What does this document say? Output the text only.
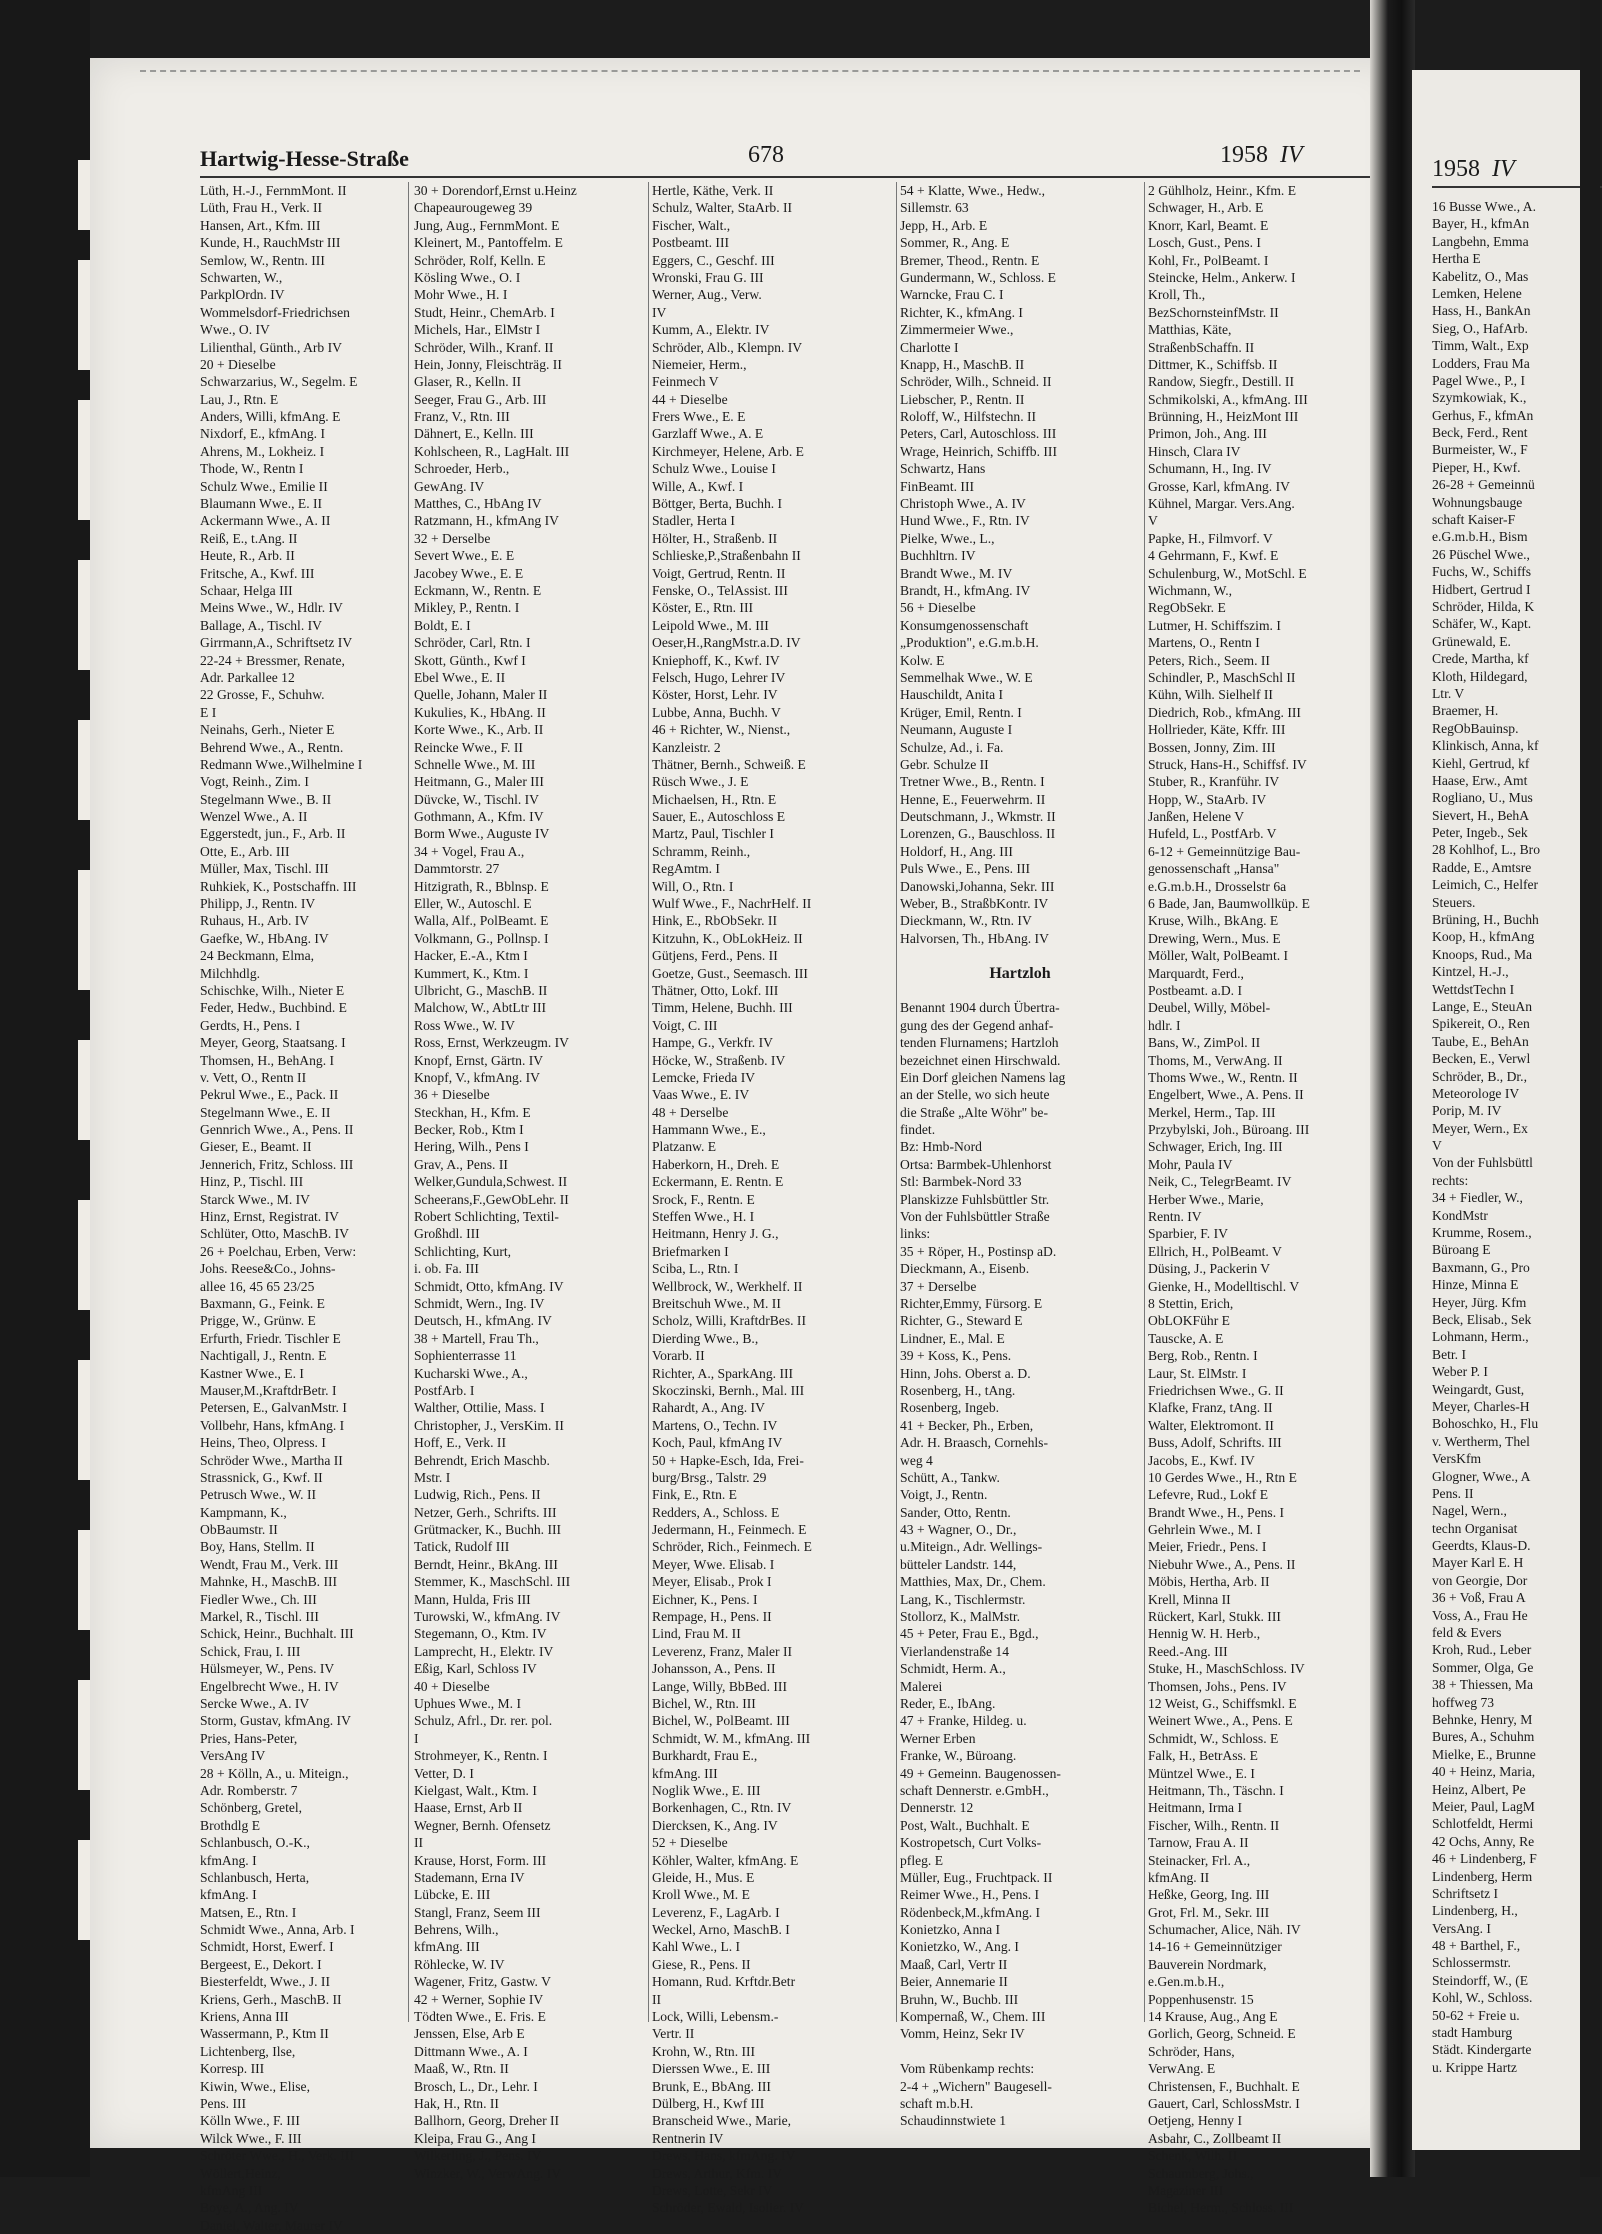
Hartwig-Hesse-Straße	678	1958 IV
Lüth, H.-J., FernmMont. II
Lüth, Frau H., Verk. II
Hansen, Art., Kfm. III
Kunde, H., RauchMstr III
Semlow, W., Rentn. III
Schwarten, W.,
ParkplOrdn. IV
Wommelsdorf-Friedrichsen
Wwe., O. IV
Lilienthal, Günth., Arb IV
20 + Dieselbe
Schwarzarius, W., Segelm. E
Lau, J., Rtn. E
Anders, Willi, kfmAng. E
Nixdorf, E., kfmAng. I
Ahrens, M., Lokheiz. I
Thode, W., Rentn I
Schulz Wwe., Emilie II
Blaumann Wwe., E. II
Ackermann Wwe., A. II
Reiß, E., t.Ang. II
Heute, R., Arb. II
Fritsche, A., Kwf. III
Schaar, Helga III
Meins Wwe., W., Hdlr. IV
Ballage, A., Tischl. IV
Girrmann,A., Schriftsetz IV
22-24 + Bressmer, Renate,
Adr. Parkallee 12
22 Grosse, F., Schuhw.
E I
Neinahs, Gerh., Nieter E
Behrend Wwe., A., Rentn.
Redmann Wwe.,Wilhelmine I
Vogt, Reinh., Zim. I
Stegelmann Wwe., B. II
Wenzel Wwe., A. II
Eggerstedt, jun., F., Arb. II
Otte, E., Arb. III
Müller, Max, Tischl. III
Ruhkiek, K., Postschaffn. III
Philipp, J., Rentn. IV
Ruhaus, H., Arb. IV
Gaefke, W., HbAng. IV
24 Beckmann, Elma,
Milchhdlg.
Schischke, Wilh., Nieter E
Feder, Hedw., Buchbind. E
Gerdts, H., Pens. I
Meyer, Georg, Staatsang. I
Thomsen, H., BehAng. I
v. Vett, O., Rentn II
Pekrul Wwe., E., Pack. II
Stegelmann Wwe., E. II
Gennrich Wwe., A., Pens. II
Gieser, E., Beamt. II
Jennerich, Fritz, Schloss. III
Hinz, P., Tischl. III
Starck Wwe., M. IV
Hinz, Ernst, Registrat. IV
Schlüter, Otto, MaschB. IV
26 + Poelchau, Erben, Verw:
Johs. Reese&Co., Johns-
allee 16, 45 65 23/25
Baxmann, G., Feink. E
Prigge, W., Grünw. E
Erfurth, Friedr. Tischler E
Nachtigall, J., Rentn. E
Kastner Wwe., E. I
Mauser,M.,KraftdrBetr. I
Petersen, E., GalvanMstr. I
Vollbehr, Hans, kfmAng. I
Heins, Theo, Olpress. I
Schröder Wwe., Martha II
Strassnick, G., Kwf. II
Petrusch Wwe., W. II
Kampmann, K.,
ObBaumstr. II
Boy, Hans, Stellm. II
Wendt, Frau M., Verk. III
Mahnke, H., MaschB. III
Fiedler Wwe., Ch. III
Markel, R., Tischl. III
Schick, Heinr., Buchhalt. III
Schick, Frau, I. III
Hülsmeyer, W., Pens. IV
Engelbrecht Wwe., H. IV
Sercke Wwe., A. IV
Storm, Gustav, kfmAng. IV
Pries, Hans-Peter,
VersAng IV
28 + Kölln, A., u. Miteign.,
Adr. Romberstr. 7
Schönberg, Gretel,
Brothdlg E
Schlanbusch, O.-K.,
kfmAng. I
Schlanbusch, Herta,
kfmAng. I
Matsen, E., Rtn. I
Schmidt Wwe., Anna, Arb. I
Schmidt, Horst, Ewerf. I
Bergeest, E., Dekort. I
Biesterfeldt, Wwe., J. II
Kriens, Gerh., MaschB. II
Kriens, Anna III
Wassermann, P., Ktm II
Lichtenberg, Ilse,
Korresp. III
Kiwin, Wwe., Elise,
Pens. III
Kölln Wwe., F. III
Wilck Wwe., F. III
Schröter Wwe., H., Verk. III
Wöllert,Heinz,
kfmAng III
Boye, A., Ang. IV
Daniel, Walter, Maurer IV
30 + Dorendorf,Ernst u.Heinz
Chapeaurougeweg 39
Jung, Aug., FernmMont. E
Kleinert, M., Pantoffelm. E
Schröder, Rolf, Kelln. E
Kösling Wwe., O. I
Mohr Wwe., H. I
Studt, Heinr., ChemArb. I
Michels, Har., ElMstr I
Schröder, Wilh., Kranf. II
Hein, Jonny, Fleischträg. II
Glaser, R., Kelln. II
Seeger, Frau G., Arb. III
Franz, V., Rtn. III
Dähnert, E., Kelln. III
Kohlscheen, R., LagHalt. III
Schroeder, Herb.,
GewAng. IV
Matthes, C., HbAng IV
Ratzmann, H., kfmAng IV
32 + Derselbe
Severt Wwe., E. E
Jacobey Wwe., E. E
Eckmann, W., Rentn. E
Mikley, P., Rentn. I
Boldt, E. I
Schröder, Carl, Rtn. I
Skott, Günth., Kwf I
Ebel Wwe., E. II
Quelle, Johann, Maler II
Kukulies, K., HbAng. II
Korte Wwe., K., Arb. II
Reincke Wwe., F. II
Schnelle Wwe., M. III
Heitmann, G., Maler III
Düvcke, W., Tischl. IV
Gothmann, A., Kfm. IV
Borm Wwe., Auguste IV
34 + Vogel, Frau A.,
Dammtorstr. 27
Hitzigrath, R., Bblnsp. E
Eller, W., Autoschl. E
Walla, Alf., PolBeamt. E
Volkmann, G., Pollnsp. I
Hacker, E.-A., Ktm I
Kummert, K., Ktm. I
Ulbricht, G., MaschB. II
Malchow, W., AbtLtr III
Ross Wwe., W. IV
Ross, Ernst, Werkzeugm. IV
Knopf, Ernst, Gärtn. IV
Knopf, V., kfmAng. IV
36 + Dieselbe
Steckhan, H., Kfm. E
Becker, Rob., Ktm I
Hering, Wilh., Pens I
Grav, A., Pens. II
Welker,Gundula,Schwest. II
Scheerans,F.,GewObLehr. II
Robert Schlichting, Textil-
Großhdl. III
Schlichting, Kurt,
i. ob. Fa. III
Schmidt, Otto, kfmAng. IV
Schmidt, Wern., Ing. IV
Deutsch, H., kfmAng. IV
38 + Martell, Frau Th.,
Sophienterrasse 11
Kucharski Wwe., A.,
PostfArb. I
Walther, Ottilie, Mass. I
Christopher, J., VersKim. II
Hoff, E., Verk. II
Behrendt, Erich Maschb.
Mstr. I
Ludwig, Rich., Pens. II
Netzer, Gerh., Schrifts. III
Grütmacker, K., Buchh. III
Tatick, Rudolf III
Berndt, Heinr., BkAng. III
Stemmer, K., MaschSchl. III
Mann, Hulda, Fris III
Turowski, W., kfmAng. IV
Stegemann, O., Ktm. IV
Lamprecht, H., Elektr. IV
Eßig, Karl, Schloss IV
40 + Dieselbe
Uphues Wwe., M. I
Schulz, Afrl., Dr. rer. pol.
I
Strohmeyer, K., Rentn. I
Vetter, D. I
Kielgast, Walt., Ktm. I
Haase, Ernst, Arb II
Wegner, Bernh. Ofensetz
II
Krause, Horst, Form. III
Stademann, Erna IV
Lübcke, E. III
Stangl, Franz, Seem III
Behrens, Wilh.,
kfmAng. III
Röhlecke, W. IV
Wagener, Fritz, Gastw. V
42 + Werner, Sophie IV
Tödten Wwe., E. Fris. E
Jenssen, Else, Arb E
Dittmann Wwe., A. I
Maaß, W., Rtn. II
Brosch, L., Dr., Lehr. I
Hak, H., Rtn. II
Ballhorn, Georg, Dreher II
Kleipa, Frau G., Ang I
Wilkerling, J., Pens. IV
Winzker, W., VerwAng. IV
Hertle, Käthe, Verk. II
Schulz, Walter, StaArb. II
Fischer, Walt.,
Postbeamt. III
Eggers, C., Geschf. III
Wronski, Frau G. III
Werner, Aug., Verw.
IV
Kumm, A., Elektr. IV
Schröder, Alb., Klempn. IV
Niemeier, Herm.,
Feinmech V
44 + Dieselbe
Frers Wwe., E. E
Garzlaff Wwe., A. E
Kirchmeyer, Helene, Arb. E
Schulz Wwe., Louise I
Wille, A., Kwf. I
Böttger, Berta, Buchh. I
Stadler, Herta I
Hölter, H., Straßenb. II
Schlieske,P.,Straßenbahn II
Voigt, Gertrud, Rentn. II
Fenske, O., TelAssist. III
Köster, E., Rtn. III
Leipold Wwe., M. III
Oeser,H.,RangMstr.a.D. IV
Kniephoff, K., Kwf. IV
Felsch, Hugo, Lehrer IV
Köster, Horst, Lehr. IV
Lubbe, Anna, Buchh. V
46 + Richter, W., Nienst.,
Kanzleistr. 2
Thätner, Bernh., Schweiß. E
Rüsch Wwe., J. E
Michaelsen, H., Rtn. E
Sauer, E., Autoschloss E
Martz, Paul, Tischler I
Schramm, Reinh.,
RegAmtm. I
Will, O., Rtn. I
Wulf Wwe., F., NachrHelf. II
Hink, E., RbObSekr. II
Kitzuhn, K., ObLokHeiz. II
Gütjens, Ferd., Pens. II
Goetze, Gust., Seemasch. III
Thätner, Otto, Lokf. III
Timm, Helene, Buchh. III
Voigt, C. III
Hampe, G., Verkfr. IV
Höcke, W., Straßenb. IV
Lemcke, Frieda IV
Vaas Wwe., E. IV
48 + Derselbe
Hammann Wwe., E.,
Platzanw. E
Haberkorn, H., Dreh. E
Eckermann, E. Rentn. E
Srock, F., Rentn. E
Steffen Wwe., H. I
Heitmann, Henry J. G.,
Briefmarken I
Sciba, L., Rtn. I
Wellbrock, W., Werkhelf. II
Breitschuh Wwe., M. II
Scholz, Willi, KraftdrBes. II
Dierding Wwe., B.,
Vorarb. II
Richter, A., SparkAng. III
Skoczinski, Bernh., Mal. III
Rahardt, A., Ang. IV
Martens, O., Techn. IV
Koch, Paul, kfmAng IV
50 + Hapke-Esch, Ida, Frei-
burg/Brsg., Talstr. 29
Fink, E., Rtn. E
Redders, A., Schloss. E
Jedermann, H., Feinmech. E
Schröder, Rich., Feinmech. E
Meyer, Wwe. Elisab. I
Meyer, Elisab., Prok I
Eichner, K., Pens. I
Rempage, H., Pens. II
Lind, Frau M. II
Leverenz, Franz, Maler II
Johansson, A., Pens. II
Lange, Willy, BbBed. III
Bichel, W., Rtn. III
Bichel, W., PolBeamt. III
Schmidt, W. M., kfmAng. III
Burkhardt, Frau E.,
kfmAng. III
Noglik Wwe., E. III
Borkenhagen, C., Rtn. IV
Diercksen, K., Ang. IV
52 + Dieselbe
Köhler, Walter, kfmAng. E
Gleide, H., Mus. E
Kroll Wwe., M. E
Leverenz, F., LagArb. I
Weckel, Arno, MaschB. I
Kahl Wwe., L. I
Giese, R., Pens. II
Homann, Rud. Krftdr.Betr
II
Lock, Willi, Lebensm.-
Vertr. II
Krohn, W., Rtn. III
Dierssen Wwe., E. III
Brunk, E., BbAng. III
Dülberg, H., Kwf III
Branscheid Wwe., Marie,
Rentnerin IV
Drews, Hans, kfmAng. IV
Drews, Arthur, Kfm. IV
Drews, Lotte, Sekr IV
Schröder, Ewald, Isolier. IV
54 + Klatte, Wwe., Hedw.,
Sillemstr. 63
Jepp, H., Arb. E
Sommer, R., Ang. E
Bremer, Theod., Rentn. E
Gundermann, W., Schloss. E
Warncke, Frau C. I
Richter, K., kfmAng. I
Zimmermeier Wwe.,
Charlotte I
Knapp, H., MaschB. II
Schröder, Wilh., Schneid. II
Liebscher, P., Rentn. II
Roloff, W., Hilfstechn. II
Peters, Carl, Autoschloss. III
Wrage, Heinrich, Schiffb. III
Schwartz, Hans
FinBeamt. III
Christoph Wwe., A. IV
Hund Wwe., F., Rtn. IV
Pielke, Wwe., L.,
Buchhltrn. IV
Brandt Wwe., M. IV
Brandt, H., kfmAng. IV
56 + Dieselbe
Konsumgenossenschaft
„Produktion", e.G.m.b.H.
Kolw. E
Semmelhak Wwe., W. E
Hauschildt, Anita I
Krüger, Emil, Rentn. I
Neumann, Auguste I
Schulze, Ad., i. Fa.
Gebr. Schulze II
Tretner Wwe., B., Rentn. I
Henne, E., Feuerwehrm. II
Deutschmann, J., Wkmstr. II
Lorenzen, G., Bauschloss. II
Holdorf, H., Ang. III
Puls Wwe., E., Pens. III
Danowski,Johanna, Sekr. III
Weber, B., StraßbKontr. IV
Dieckmann, W., Rtn. IV
Halvorsen, Th., HbAng. IV
Hartzloh
Benannt 1904 durch Übertra-
gung des der Gegend anhaf-
tenden Flurnamens; Hartzloh
bezeichnet einen Hirschwald.
Ein Dorf gleichen Namens lag
an der Stelle, wo sich heute
die Straße „Alte Wöhr" be-
findet.
Bz: Hmb-Nord
Ortsa: Barmbek-Uhlenhorst
Stl: Barmbek-Nord 33
Planskizze Fuhlsbüttler Str.
Von der Fuhlsbüttler Straße
links:
35 + Röper, H., Postinsp aD.
Dieckmann, A., Eisenb.
37 + Derselbe
Richter,Emmy, Fürsorg. E
Richter, G., Steward E
Lindner, E., Mal. E
39 + Koss, K., Pens.
Hinn, Johs. Oberst a. D.
Rosenberg, H., tAng.
Rosenberg, Ingeb.
41 + Becker, Ph., Erben,
Adr. H. Braasch, Cornehls-
weg 4
Schütt, A., Tankw.
Voigt, J., Rentn.
Sander, Otto, Rentn.
43 + Wagner, O., Dr.,
u.Miteign., Adr. Wellings-
bütteler Landstr. 144,
Matthies, Max, Dr., Chem.
Lang, K., Tischlermstr.
Stollorz, K., MalMstr.
45 + Peter, Frau E., Bgd.,
Vierlandenstraße 14
Schmidt, Herm. A.,
Malerei
Reder, E., IbAng.
47 + Franke, Hildeg. u.
Werner Erben
Franke, W., Büroang.
49 + Gemeinn. Baugenossen-
schaft Dennerstr. e.GmbH.,
Dennerstr. 12
Post, Walt., Buchhalt. E
Kostropetsch, Curt Volks-
pfleg. E
Müller, Eug., Fruchtpack. II
Reimer Wwe., H., Pens. I
Rödenbeck,M.,kfmAng. I
Konietzko, Anna I
Konietzko, W., Ang. I
Maaß, Carl, Vertr II
Beier, Annemarie II
Bruhn, W., Buchb. III
Kompernaß, W., Chem. III
Vomm, Heinz, Sekr IV
Vom Rübenkamp rechts:
2-4 + „Wichern" Baugesell-
schaft m.b.H.
Schaudinnstwiete 1
2 Gühlholz, Heinr., Kfm. E
Schwager, H., Arb. E
Knorr, Karl, Beamt. E
Losch, Gust., Pens. I
Kohl, Fr., PolBeamt. I
Steincke, Helm., Ankerw. I
Kroll, Th.,
BezSchornsteinfMstr. II
Matthias, Käte,
StraßenbSchaffn. II
Dittmer, K., Schiffsb. II
Randow, Siegfr., Destill. II
Schmikolski, A., kfmAng. III
Brünning, H., HeizMont III
Primon, Joh., Ang. III
Hinsch, Clara IV
Schumann, H., Ing. IV
Grosse, Karl, kfmAng. IV
Kühnel, Margar. Vers.Ang.
V
Papke, H., Filmvorf. V
4 Gehrmann, F., Kwf. E
Schulenburg, W., MotSchl. E
Wichmann, W.,
RegObSekr. E
Lutmer, H. Schiffszim. I
Martens, O., Rentn I
Peters, Rich., Seem. II
Schindler, P., MaschSchl II
Kühn, Wilh. Sielhelf II
Diedrich, Rob., kfmAng. III
Hollrieder, Käte, Kffr. III
Bossen, Jonny, Zim. III
Struck, Hans-H., Schiffsf. IV
Stuber, R., Kranführ. IV
Hopp, W., StaArb. IV
Janßen, Helene V
Hufeld, L., PostfArb. V
6-12 + Gemeinnützige Bau-
genossenschaft „Hansa"
e.G.m.b.H., Drosselstr 6a
6 Bade, Jan, Baumwollküp. E
Kruse, Wilh., BkAng. E
Drewing, Wern., Mus. E
Möller, Walt, PolBeamt. I
Marquardt, Ferd.,
Postbeamt. a.D. I
Deubel, Willy, Möbel-
hdlr. I
Bans, W., ZimPol. II
Thoms, M., VerwAng. II
Thoms Wwe., W., Rentn. II
Engelbert, Wwe., A. Pens. II
Merkel, Herm., Tap. III
Przybylski, Joh., Büroang. III
Schwager, Erich, Ing. III
Mohr, Paula IV
Neik, C., TelegrBeamt. IV
Herber Wwe., Marie,
Rentn. IV
Sparbier, F. IV
Ellrich, H., PolBeamt. V
Düsing, J., Packerin V
Gienke, H., Modelltischl. V
8 Stettin, Erich,
ObLOKFühr E
Tauscke, A. E
Berg, Rob., Rentn. I
Laur, St. ElMstr. I
Friedrichsen Wwe., G. II
Klafke, Franz, tAng. II
Walter, Elektromont. II
Buss, Adolf, Schrifts. III
Jacobs, E., Kwf. IV
10 Gerdes Wwe., H., Rtn E
Lefevre, Rud., Lokf E
Brandt Wwe., H., Pens. I
Gehrlein Wwe., M. I
Meier, Friedr., Pens. I
Niebuhr Wwe., A., Pens. II
Möbis, Hertha, Arb. II
Krell, Minna II
Rückert, Karl, Stukk. III
Hennig W. H. Herb.,
Reed.-Ang. III
Stuke, H., MaschSchloss. IV
Thomsen, Johs., Pens. IV
12 Weist, G., Schiffsmkl. E
Weinert Wwe., A., Pens. E
Schmidt, W., Schloss. E
Falk, H., BetrAss. E
Müntzel Wwe., E. I
Heitmann, Th., Täschn. I
Heitmann, Irma I
Fischer, Wilh., Rentn. II
Tarnow, Frau A. II
Steinacker, Frl. A.,
kfmAng. II
Heßke, Georg, Ing. III
Grot, Frl. M., Sekr. III
Schumacher, Alice, Näh. IV
14-16 + Gemeinnütziger
Bauverein Nordmark,
e.Gen.m.b.H.,
Poppenhusenstr. 15
14 Krause, Aug., Ang E
Gorlich, Georg, Schneid. E
Schröder, Hans,
VerwAng. E
Christensen, F., Buchhalt. E
Gauert, Carl, SchlossMstr. I
Oetjeng, Henny I
Asbahr, C., Zollbeamt II
Schenk, Wilh. II
Schaumberg, Johs.,
Magaziner III
Bichel, Herm., Schloss. III
1958 IV
16 Busse Wwe., A.
Bayer, H., kfmAn
Langbehn, Emma
Hertha E
Kabelitz, O., Mas
Lemken, Helene
Hass, H., BankAn
Sieg, O., HafArb.
Timm, Walt., Exp
Lodders, Frau Ma
Pagel Wwe., P., I
Szymkowiak, K.,
Gerhus, F., kfmAn
Beck, Ferd., Rent
Burmeister, W., F
Pieper, H., Kwf.
26-28 + Gemeinnü
Wohnungsbauge
schaft Kaiser-F
e.G.m.b.H., Bism
26 Püschel Wwe.,
Fuchs, W., Schiffs
Hidbert, Gertrud I
Schröder, Hilda, K
Schäfer, W., Kapt.
Grünewald, E.
Crede, Martha, kf
Kloth, Hildegard,
Ltr. V
Braemer, H.
RegObBauinsp.
Klinkisch, Anna, kf
Kiehl, Gertrud, kf
Haase, Erw., Amt
Rogliano, U., Mus
Sievert, H., BehA
Peter, Ingeb., Sek
28 Kohlhof, L., Bro
Radde, E., Amtsre
Leimich, C., Helfer
Steuers.
Brüning, H., Buchh
Koop, H., kfmAng
Knoops, Rud., Ma
Kintzel, H.-J.,
WettdstTechn I
Lange, E., SteuAn
Spikereit, O., Ren
Taube, E., BehAn
Becken, E., Verwl
Schröder, B., Dr.,
Meteorologe IV
Porip, M. IV
Meyer, Wern., Ex
V
Von der Fuhlsbüttl
rechts:
34 + Fiedler, W.,
KondMstr
Krumme, Rosem.,
Büroang E
Baxmann, G., Pro
Hinze, Minna E
Heyer, Jürg. Kfm
Beck, Elisab., Sek
Lohmann, Herm.,
Betr. I
Weber P. I
Weingardt, Gust,
Meyer, Charles-H
Bohoschko, H., Flu
v. Wertherm, Thel
VersKfm
Glogner, Wwe., A
Pens. II
Nagel, Wern.,
techn Organisat
Geerdts, Klaus-D.
Mayer Karl E. H
von Georgie, Dor
36 + Voß, Frau A
Voss, A., Frau He
feld & Evers
Kroh, Rud., Leber
Sommer, Olga, Ge
38 + Thiessen, Ma
hoffweg 73
Behnke, Henry, M
Bures, A., Schuhm
Mielke, E., Brunne
40 + Heinz, Maria,
Heinz, Albert, Pe
Meier, Paul, LagM
Schlotfeldt, Hermi
42 Ochs, Anny, Re
46 + Lindenberg, F
Lindenberg, Herm
Schriftsetz I
Lindenberg, H.,
VersAng. I
48 + Barthel, F.,
Schlossermstr.
Steindorff, W., (E
Kohl, W., Schloss.
50-62 + Freie u.
stadt Hamburg
Städt. Kindergarte
u. Krippe Hartz
